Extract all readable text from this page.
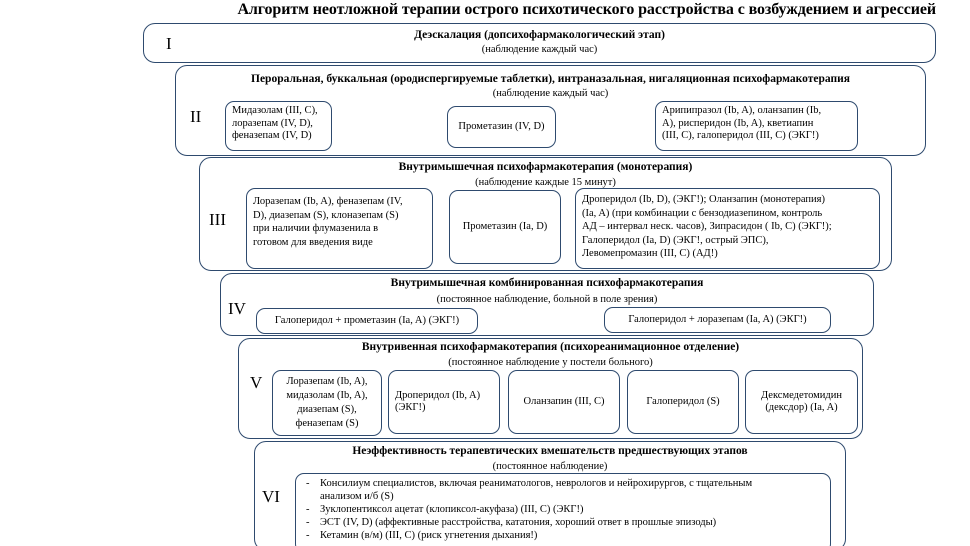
Алгоритм неотложной терапии острого психотического расстройства с возбуждением и агрессией
I	Деэскалация (допсихофармакологический этап)
(наблюдение каждый час)
II
Пероральная, буккальная (ородиспергируемые таблетки), интраназальная, нигаляционная психофармакотерапия
(наблюдение каждый час)
Мидазолам (III, C),
лоразепам (IV, D),
феназепам (IV, D)
Прометазин (IV, D)
Арипипразол (Ib, A), оланзапин (Ib,
A), рисперидон (Ib, A), кветиапин
(III, C), галоперидол (III, C) (ЭКГ!)
III
Внутримышечная психофармакотерапия (монотерапия)
(наблюдение каждые 15 минут)
Лоразепам (Ib, A), феназепам (IV,
D), диазепам (S), клоназепам (S)
при наличии флумазенила в
готовом для введения виде
Прометазин (Ia, D)
Дроперидол (Ib, D), (ЭКГ!); Оланзапин (монотерапия)
(Ia, A) (при комбинации с бензодиазепином, контроль
АД – интервал неск. часов), Зипрасидон ( Ib, C) (ЭКГ!);
Галоперидол (Ia, D) (ЭКГ!, острый ЭПС),
Левомепромазин (III, C) (АД!)
IV
Внутримышечная комбинированная психофармакотерапия
(постоянное наблюдение, больной в поле зрения)
Галоперидол + прометазин (Ia, A) (ЭКГ!)	Галоперидол + лоразепам (Ia, A) (ЭКГ!)
V
Внутривенная психофармакотерапия (психореанимационное отделение)
(постоянное наблюдение у постели больного)
Лоразепам (Ib, A),
мидазолам (Ib, A),
диазепам (S),
феназепам (S)
Дроперидол (Ib, A)
(ЭКГ!)
Оланзапин (III, C)	Галоперидол (S)
Дексмедетомидин
(дексдор) (Ia, A)
VI
Неэффективность терапевтических вмешательств предшествующих этапов
(постоянное наблюдение)
- Консилиум специалистов, включая реаниматологов, неврологов и нейрохирургов, с тщательным
анализом и/б (S)
- Зуклопентиксол ацетат (клопиксол-акуфаза) (III, C) (ЭКГ!)
- ЭСТ (IV, D) (аффективные расстройства, кататония, хороший ответ в прошлые эпизоды)
- Кетамин (в/м) (III, C) (риск угнетения дыхания!)
